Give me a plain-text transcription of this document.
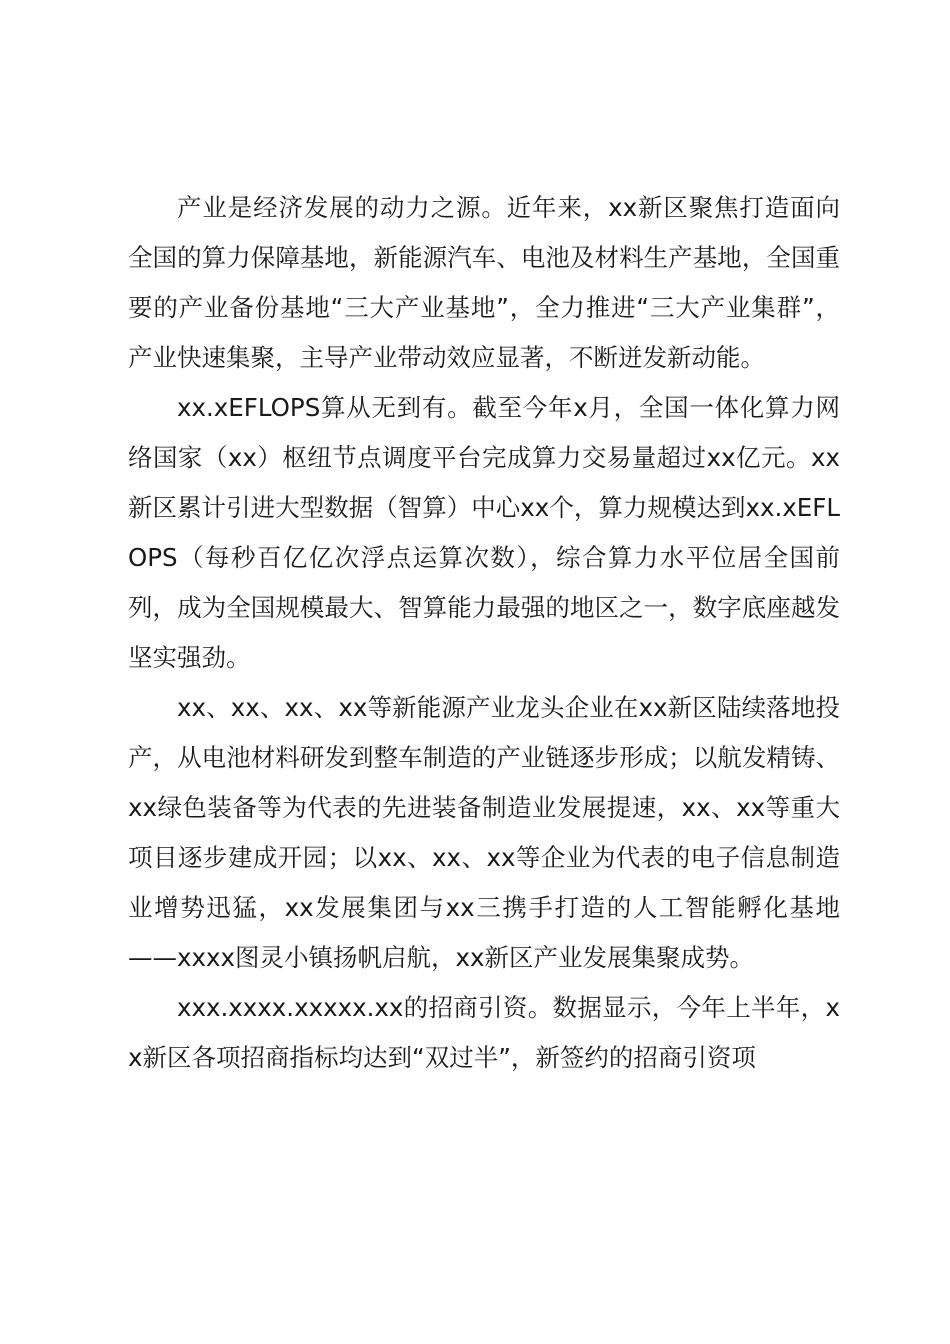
产业是经济发展的动力之源。近年来，xx新区聚焦打造面向全国的算力保障基地，新能源汽车、电池及材料生产基地，全国重要的产业备份基地“三大产业基地”，全力推进“三大产业集群”，产业快速集聚，主导产业带动效应显著，不断迸发新动能。

xx.xEFLOPS算从无到有。截至今年x月，全国一体化算力网络国家（xx）枢纽节点调度平台完成算力交易量超过xx亿元。xx新区累计引进大型数据（智算）中心xx个，算力规模达到xx.xEFLOPS（每秒百亿亿次浮点运算次数），综合算力水平位居全国前列，成为全国规模最大、智算能力最强的地区之一，数字底座越发坚实强劲。

xx、xx、xx、xx等新能源产业龙头企业在xx新区陆续落地投产，从电池材料研发到整车制造的产业链逐步形成；以航发精铸、xx绿色装备等为代表的先进装备制造业发展提速，xx、xx等重大项目逐步建成开园；以xx、xx、xx等企业为代表的电子信息制造业增势迅猛，xx发展集团与xx三携手打造的人工智能孵化基地——xxxx图灵小镇扬帆启航，xx新区产业发展集聚成势。

xxx.xxxx.xxxxx.xx的招商引资。数据显示，今年上半年，xx新区各项招商指标均达到“双过半”，新签约的招商引资项
